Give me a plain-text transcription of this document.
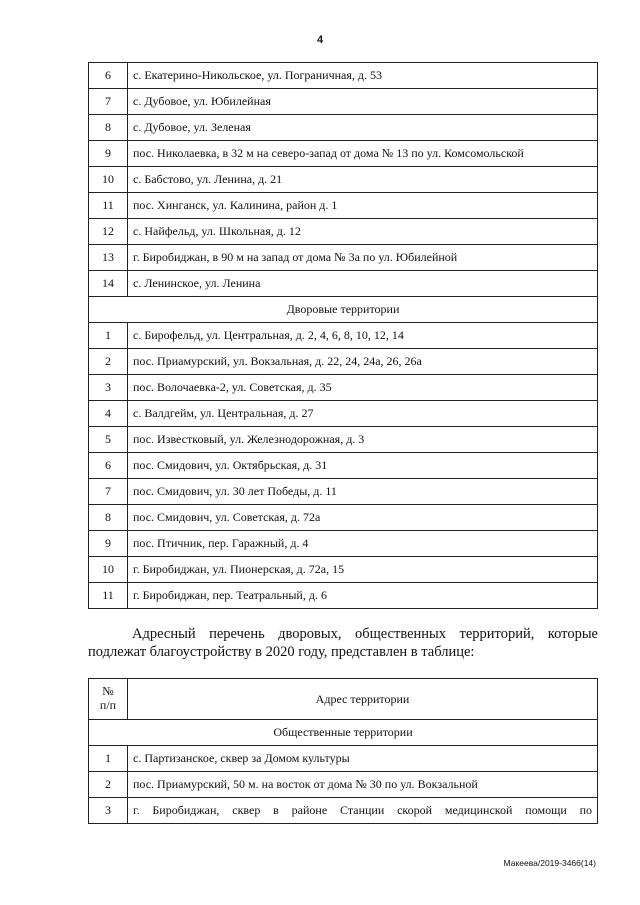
4
6	с. Екатерино-Никольское, ул. Пограничная, д. 53
7	с. Дубовое, ул. Юбилейная
8	с. Дубовое, ул. Зеленая
9	пос. Николаевка, в 32 м на северо-запад от дома № 13 по ул. Комсомольской
10	с. Бабстово, ул. Ленина, д. 21
11	пос. Хинганск, ул. Калинина, район д. 1
12	с. Найфельд, ул. Школьная, д. 12
13	г. Биробиджан, в 90 м на запад от дома № 3а по ул. Юбилейной
14	с. Ленинское, ул. Ленина
Дворовые территории	
1	с. Бирофельд, ул. Центральная, д. 2, 4, 6, 8, 10, 12, 14
2	пос. Приамурский, ул. Вокзальная, д. 22, 24, 24а, 26, 26а
3	пос. Волочаевка-2, ул. Советская, д. 35
4	с. Валдгейм, ул. Центральная, д. 27
5	пос. Известковый, ул. Железнодорожная, д. 3
6	пос. Смидович, ул. Октябрьская, д. 31
7	пос. Смидович, ул. 30 лет Победы, д. 11
8	пос. Смидович, ул. Советская, д. 72а
9	пос. Птичник, пер. Гаражный, д. 4
10	г. Биробиджан, ул. Пионерская, д. 72а, 15
11	г. Биробиджан, пер. Театральный, д. 6

Адресный перечень дворовых, общественных территорий, которые подлежат благоустройству в 2020 году, представлен в таблице:

№
п/п	Адрес территории
Общественные территории	
1	с. Партизанское, сквер за Домом культуры
2	пос. Приамурский, 50 м. на восток от дома № 30 по ул. Вокзальной
3	г. Биробиджан, сквер в районе Станции скорой медицинской помощи по
Макеева/2019-3466(14)
